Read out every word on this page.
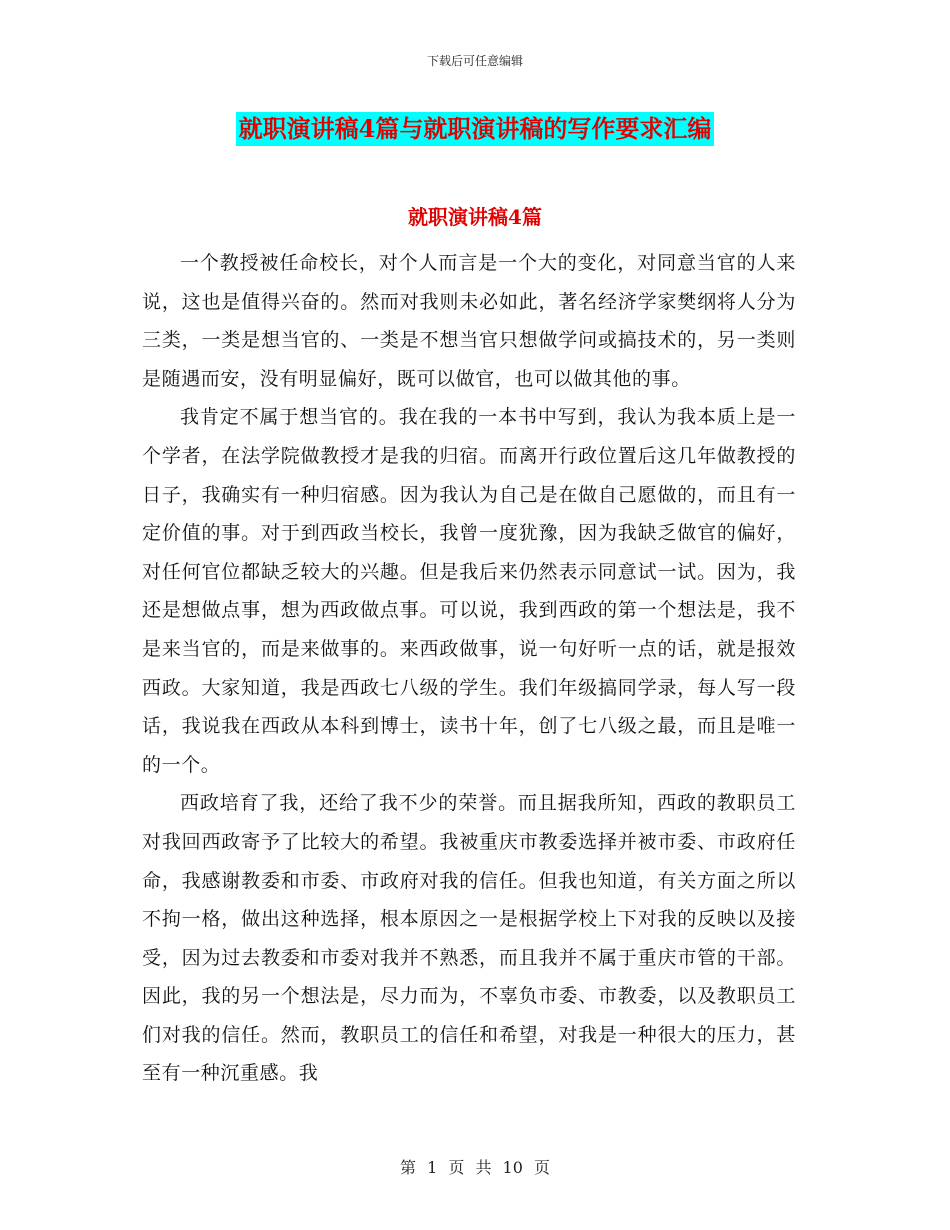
下载后可任意编辑
就职演讲稿4篇与就职演讲稿的写作要求汇编
就职演讲稿4篇

一个教授被任命校长，对个人而言是一个大的变化，对同意当官的人来说，这也是值得兴奋的。然而对我则未必如此，著名经济学家樊纲将人分为三类，一类是想当官的、一类是不想当官只想做学问或搞技术的，另一类则是随遇而安，没有明显偏好，既可以做官，也可以做其他的事。

我肯定不属于想当官的。我在我的一本书中写到，我认为我本质上是一个学者，在法学院做教授才是我的归宿。而离开行政位置后这几年做教授的日子，我确实有一种归宿感。因为我认为自己是在做自己愿做的，而且有一定价值的事。对于到西政当校长，我曾一度犹豫，因为我缺乏做官的偏好，对任何官位都缺乏较大的兴趣。但是我后来仍然表示同意试一试。因为，我还是想做点事，想为西政做点事。可以说，我到西政的第一个想法是，我不是来当官的，而是来做事的。来西政做事，说一句好听一点的话，就是报效西政。大家知道，我是西政七八级的学生。我们年级搞同学录，每人写一段话，我说我在西政从本科到博士，读书十年，创了七八级之最，而且是唯一的一个。

西政培育了我，还给了我不少的荣誉。而且据我所知，西政的教职员工对我回西政寄予了比较大的希望。我被重庆市教委选择并被市委、市政府任命，我感谢教委和市委、市政府对我的信任。但我也知道，有关方面之所以不拘一格，做出这种选择，根本原因之一是根据学校上下对我的反映以及接受，因为过去教委和市委对我并不熟悉，而且我并不属于重庆市管的干部。因此，我的另一个想法是，尽力而为，不辜负市委、市教委，以及教职员工们对我的信任。然而，教职员工的信任和希望，对我是一种很大的压力，甚至有一种沉重感。我

第 1 页 共 10 页
